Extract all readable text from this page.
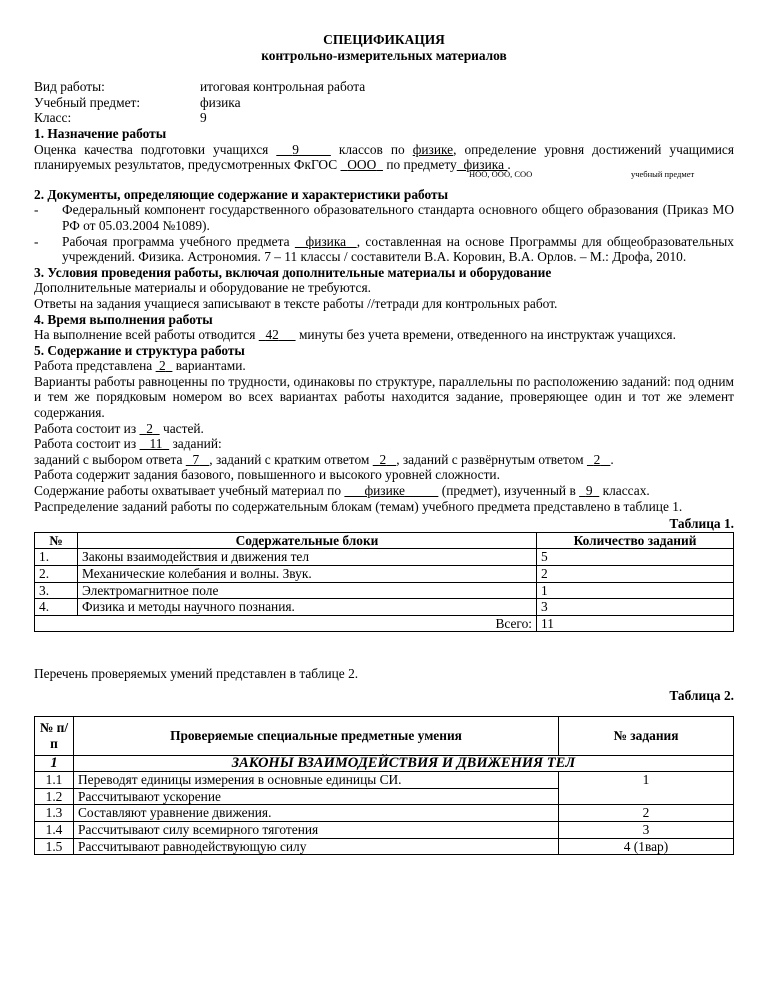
СПЕЦИФИКАЦИЯ
контрольно-измерительных материалов
Вид работы:	итоговая контрольная работа
Учебный предмет:	физика
Класс:	9
1. Назначение работы
Оценка качества подготовки учащихся 9	классов по физике, определение уровня достижений учащимися планируемых результатов, предусмотренных ФкГОС ООО по предмету физика .
НОО, ООО, СОО	учебный предмет
2. Документы, определяющие содержание и характеристики работы
-	Федеральный компонент государственного образовательного стандарта основного общего образования (Приказ МО РФ от 05.03.2004 №1089).
-	Рабочая программа учебного предмета физика , составленная на основе Программы для общеобразовательных учреждений. Физика. Астрономия. 7 – 11 классы / составители В.А. Коровин, В.А. Орлов. – М.: Дрофа, 2010.
3. Условия проведения работы, включая дополнительные материалы и оборудование
Дополнительные материалы и оборудование не требуются.
Ответы на задания учащиеся записывают в тексте работы //тетради для контрольных работ.
4. Время выполнения работы
На выполнение всей работы отводится 42 минуты без учета времени, отведенного на инструктаж учащихся.
5. Содержание и структура работы
Работа представлена 2 вариантами.
Варианты работы равноценны по трудности, одинаковы по структуре, параллельны по расположению заданий: под одним и тем же порядковым номером во всех вариантах работы находится задание, проверяющее один и тот же элемент содержания.
Работа состоит из 2 частей.
Работа состоит из 11 заданий:
заданий с выбором ответа 7 , заданий с кратким ответом 2 , заданий с развёрнутым ответом 2 .
Работа содержит задания базового, повышенного и высокого уровней сложности.
Содержание работы охватывает учебный материал по физике	(предмет), изученный в 9 классах.
Распределение заданий работы по содержательным блокам (темам) учебного предмета представлено в таблице 1.
Таблица 1.
№	Содержательные блоки	Количество заданий
1.	Законы взаимодействия и движения тел	5
2.	Механические колебания и волны. Звук.	2
3.	Электромагнитное поле	1
4.	Физика и методы научного познания.	3
Всего:		11
Перечень проверяемых умений представлен в таблице 2.
Таблица 2.
№ п/п	Проверяемые специальные предметные умения	№ задания
1	ЗАКОНЫ ВЗАИМОДЕЙСТВИЯ И ДВИЖЕНИЯ ТЕЛ	
1.1	Переводят единицы измерения в основные единицы СИ.	1
1.2	Рассчитывают ускорение	
1.3	Составляют уравнение движения.	2
1.4	Рассчитывают силу всемирного тяготения	3
1.5	Рассчитывают равнодействующую силу	4 (1вар)
